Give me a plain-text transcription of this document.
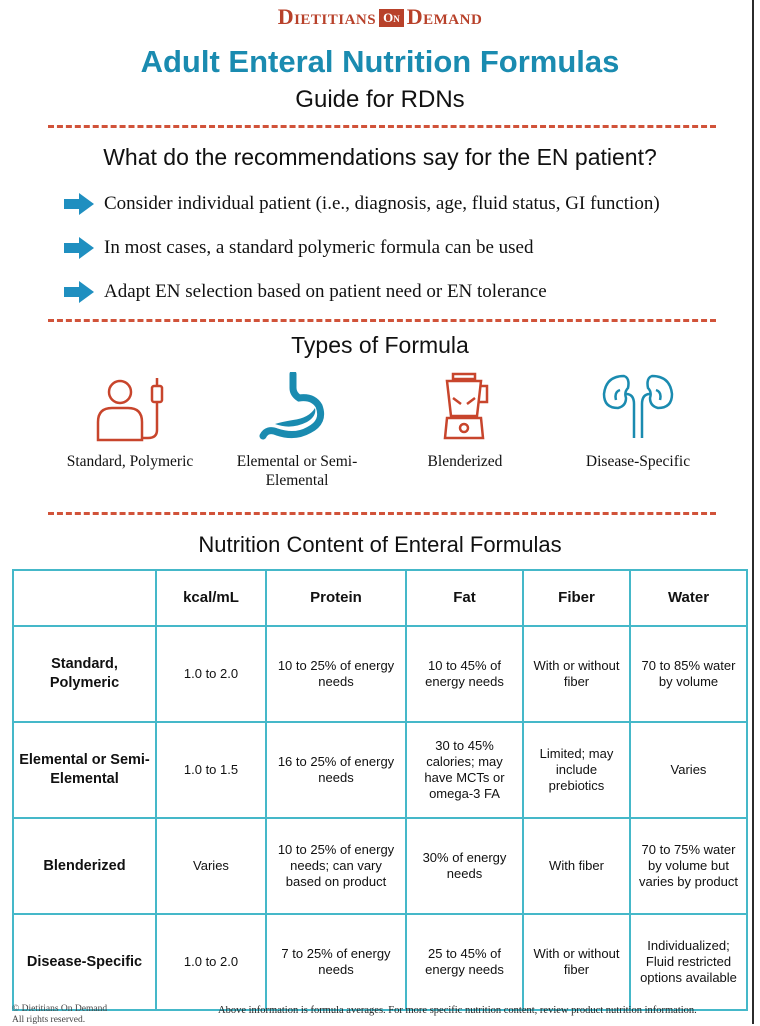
Dietitians On Demand
Adult Enteral Nutrition Formulas
Guide for RDNs
What do the recommendations say for the EN patient?
Consider individual patient (i.e., diagnosis, age, fluid status, GI function)
In most cases, a standard polymeric formula can be used
Adapt EN selection based on patient need or EN tolerance
Types of Formula
Standard, Polymeric	Elemental or Semi-Elemental
Blenderized	Disease-Specific
Nutrition Content of Enteral Formulas
	kcal/mL	Protein	Fat	Fiber	Water
Standard, Polymeric	1.0 to 2.0	10 to 25% of energy needs	10 to 45% of energy needs	With or without fiber	70 to 85% water by volume
Elemental or Semi-Elemental	1.0 to 1.5	16 to 25% of energy needs	30 to 45% calories; may have MCTs or omega-3 FA	Limited; may include prebiotics	Varies
Blenderized	Varies	10 to 25% of energy needs; can vary based on product	30% of energy needs	With fiber	70 to 75% water by volume but varies by product
Disease-Specific	1.0 to 2.0	7 to 25% of energy needs	25 to 45% of energy needs	With or without fiber	Individualized; Fluid restricted options available
© Dietitians On Demand
All rights reserved.
Above information is formula averages. For more specific nutrition content, review product nutrition information.
